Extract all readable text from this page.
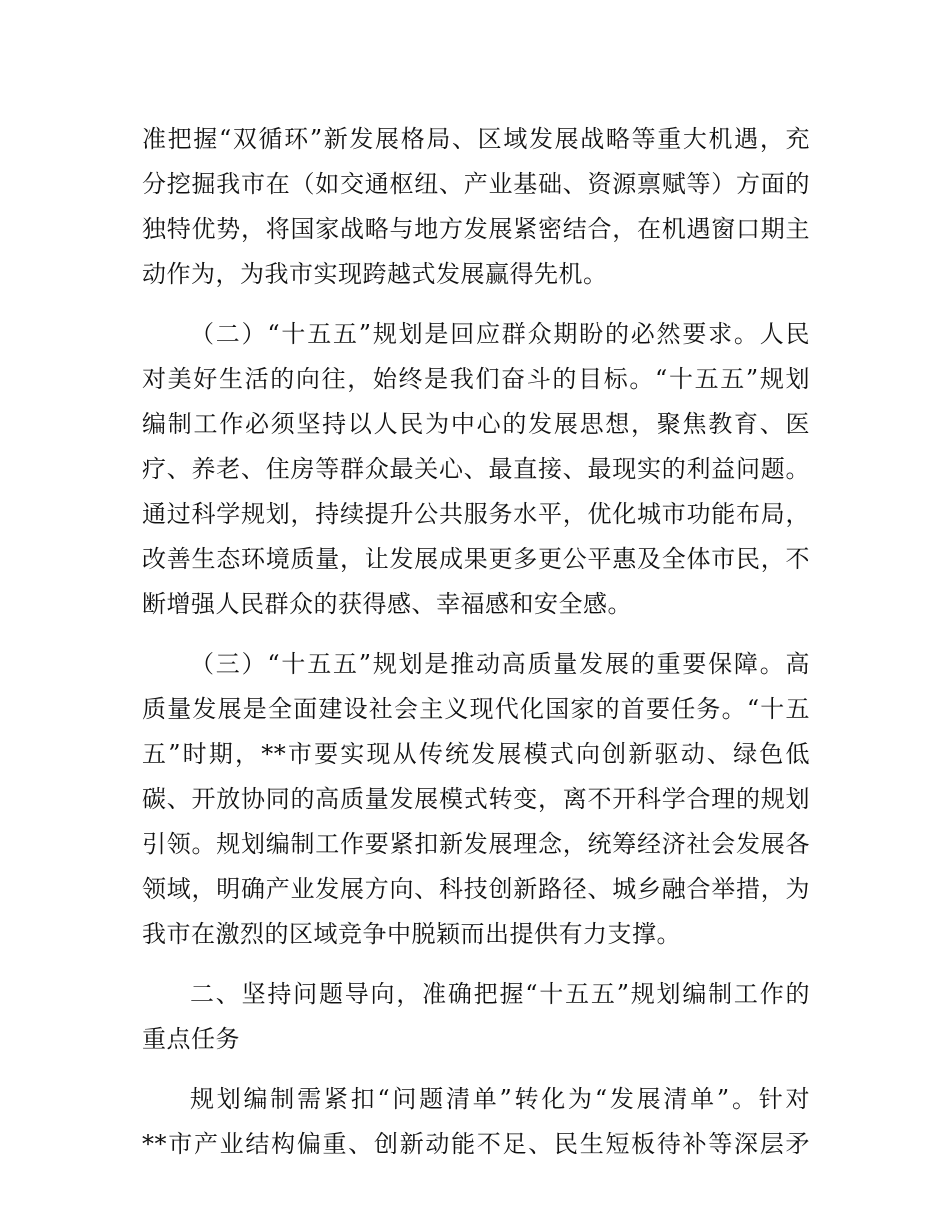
准把握“双循环”新发展格局、区域发展战略等重大机遇，充
分挖掘我市在（如交通枢纽、产业基础、资源禀赋等）方面的
独特优势，将国家战略与地方发展紧密结合，在机遇窗口期主
动作为，为我市实现跨越式发展赢得先机。
（二）“十五五”规划是回应群众期盼的必然要求。人民
对美好生活的向往，始终是我们奋斗的目标。“十五五”规划
编制工作必须坚持以人民为中心的发展思想，聚焦教育、医
疗、养老、住房等群众最关心、最直接、最现实的利益问题。
通过科学规划，持续提升公共服务水平，优化城市功能布局，
改善生态环境质量，让发展成果更多更公平惠及全体市民，不
断增强人民群众的获得感、幸福感和安全感。
（三）“十五五”规划是推动高质量发展的重要保障。高
质量发展是全面建设社会主义现代化国家的首要任务。“十五
五”时期，**市要实现从传统发展模式向创新驱动、绿色低
碳、开放协同的高质量发展模式转变，离不开科学合理的规划
引领。规划编制工作要紧扣新发展理念，统筹经济社会发展各
领域，明确产业发展方向、科技创新路径、城乡融合举措，为
我市在激烈的区域竞争中脱颖而出提供有力支撑。
二、坚持问题导向，准确把握“十五五”规划编制工作的
重点任务
规划编制需紧扣“问题清单”转化为“发展清单”。针对
**市产业结构偏重、创新动能不足、民生短板待补等深层矛
